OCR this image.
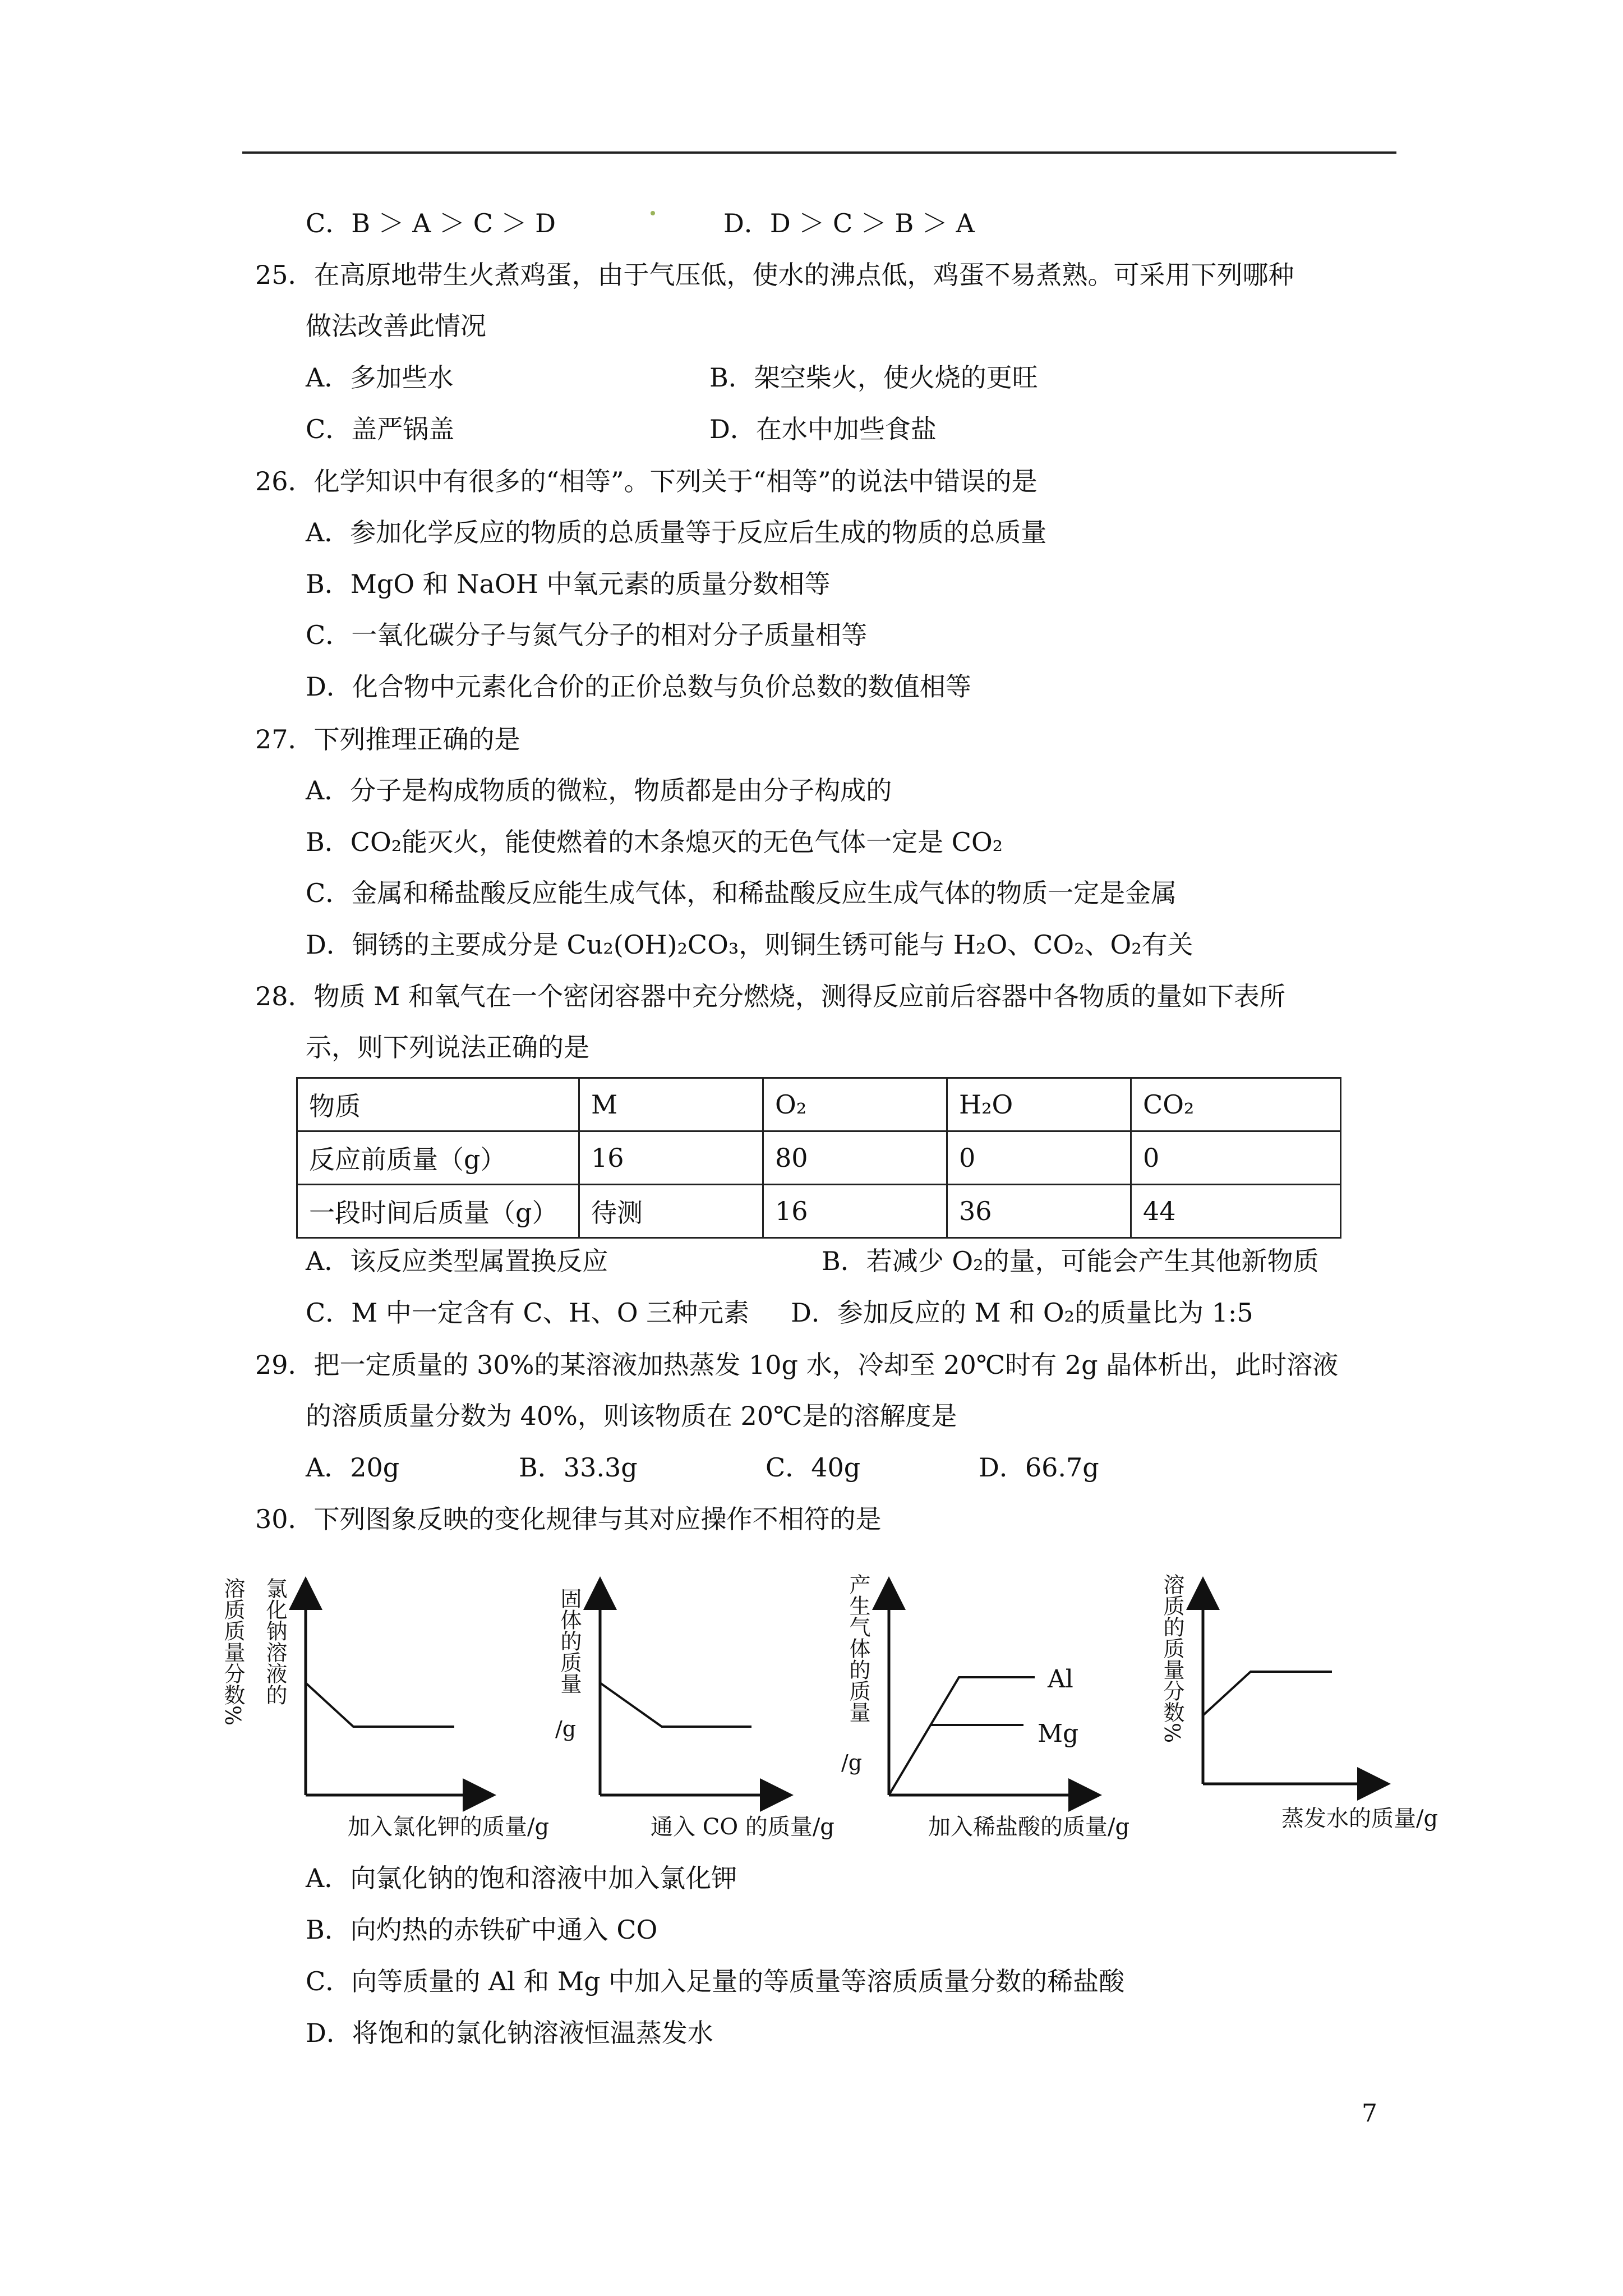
C．B ＞ A ＞ C ＞ D	D．D ＞ C ＞ B ＞ A
25．在高原地带生火煮鸡蛋，由于气压低，使水的沸点低，鸡蛋不易煮熟。可采用下列哪种
做法改善此情况
A．多加些水	B．架空柴火，使火烧的更旺
C．盖严锅盖	D．在水中加些食盐
26．化学知识中有很多的“相等”。下列关于“相等”的说法中错误的是
A．参加化学反应的物质的总质量等于反应后生成的物质的总质量
B．MgO 和 NaOH 中氧元素的质量分数相等
C．一氧化碳分子与氮气分子的相对分子质量相等
D．化合物中元素化合价的正价总数与负价总数的数值相等
27．下列推理正确的是
A．分子是构成物质的微粒，物质都是由分子构成的
B．CO₂能灭火，能使燃着的木条熄灭的无色气体一定是 CO₂
C．金属和稀盐酸反应能生成气体，和稀盐酸反应生成气体的物质一定是金属
D．铜锈的主要成分是 Cu₂(OH)₂CO₃，则铜生锈可能与 H₂O、CO₂、O₂有关
28．物质 M 和氧气在一个密闭容器中充分燃烧，测得反应前后容器中各物质的量如下表所
示，则下列说法正确的是
物质	M	O₂	H₂O	CO₂
反应前质量（g）	16	80	0	0
一段时间后质量（g）	待测	16	36	44
A．该反应类型属置换反应	B．若减少 O₂的量，可能会产生其他新物质
C．M 中一定含有 C、H、O 三种元素 D．参加反应的 M 和 O₂的质量比为 1:5
29．把一定质量的 30%的某溶液加热蒸发 10g 水，冷却至 20℃时有 2g 晶体析出，此时溶液
的溶质质量分数为 40%，则该物质在 20℃是的溶解度是
A．20g	B．33.3g	C．40g	D．66.7g
30．下列图象反映的变化规律与其对应操作不相符的是
溶质质量分数% 氯化钠溶液的
加入氯化钾的质量/g
固体的质量
/g
通入 CO 的质量/g
产生气体的质量
/g
Al
Mg
加入稀盐酸的质量/g
溶质的质量分数%
蒸发水的质量/g
A．向氯化钠的饱和溶液中加入氯化钾
B．向灼热的赤铁矿中通入 CO
C．向等质量的 Al 和 Mg 中加入足量的等质量等溶质质量分数的稀盐酸
D．将饱和的氯化钠溶液恒温蒸发水
7
